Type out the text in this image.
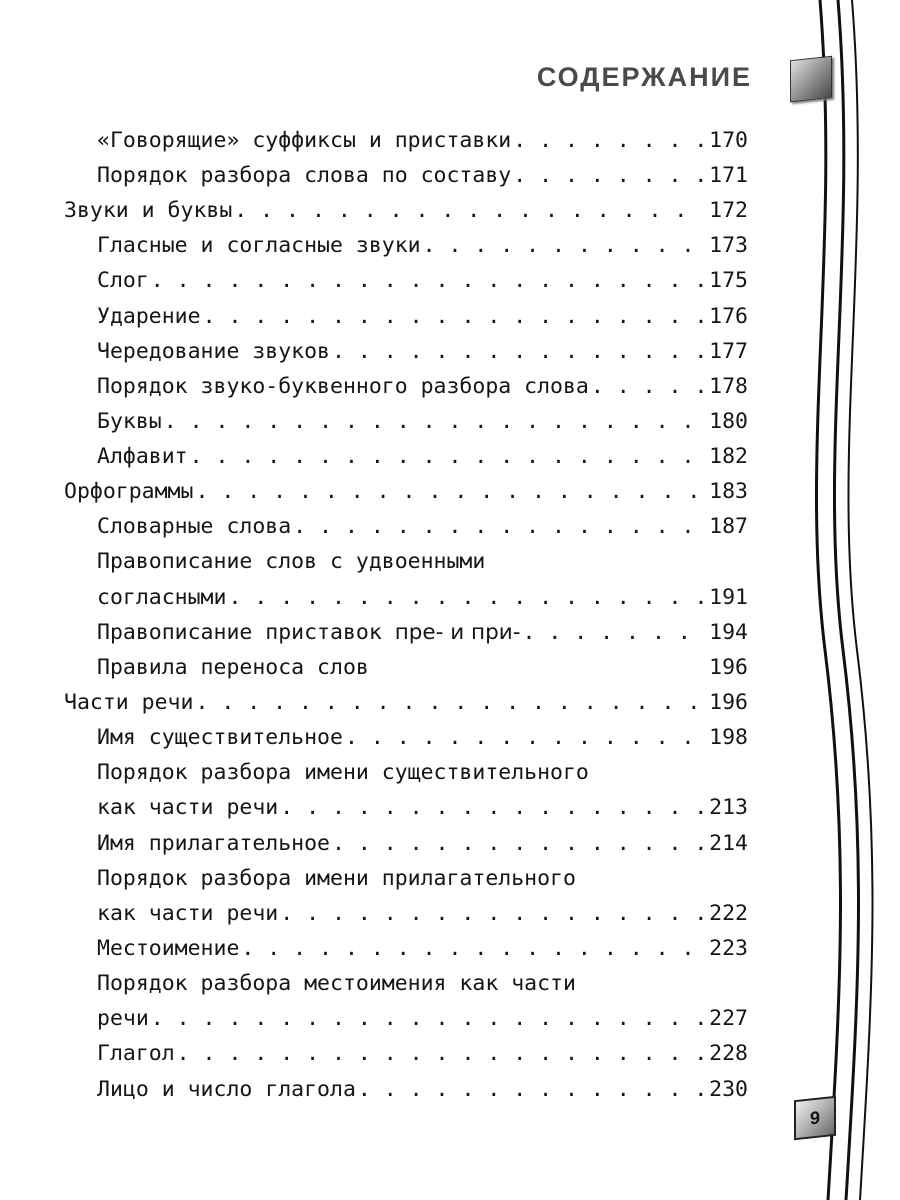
СОДЕРЖАНИЕ
«Говорящие» суффиксы и приставки . . .	170
Порядок разбора слова по составу . . .	171
Звуки и буквы . . .	172
Гласные и согласные звуки . . .	173
Слог . . .	175
Ударение . . .	176
Чередование звуков . . .	177
Порядок звуко-буквенного разбора слова . . .	178
Буквы . . .	180
Алфавит . . .	182
Орфограммы . . .	183
Словарные слова . . .	187
Правописание слов с удвоенными
согласными . . .	191
Правописание приставок пре- и при- . . .	194
Правила переноса слов	196
Части речи . . .	196
Имя существительное . . .	198
Порядок разбора имени существительного
как части речи . . .	213
Имя прилагательное . . .	214
Порядок разбора имени прилагательного
как части речи . . .	222
Местоимение . . .	223
Порядок разбора местоимения как части
речи . . .	227
Глагол . . .	228
Лицо и число глагола . . .	230
9
